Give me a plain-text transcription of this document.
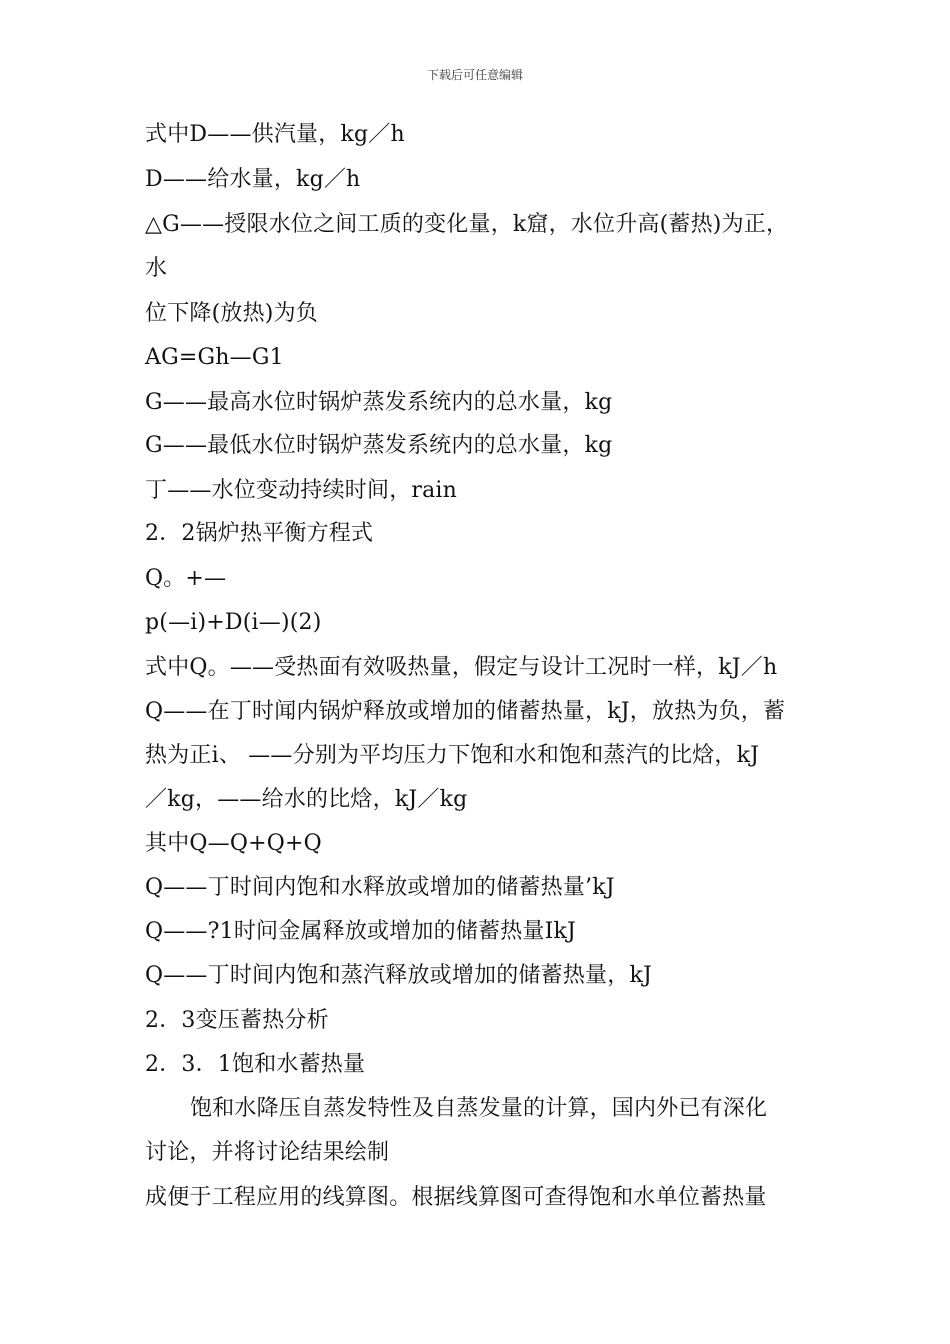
下载后可任意编辑
式中D——供汽量，kg／h
D——给水量，kg／h
△G——授限水位之间工质的变化量，k窟，水位升高(蓄热)为正，
水
位下降(放热)为负
AG=Gh—G1
G——最高水位时锅炉蒸发系统内的总水量，kg
G——最低水位时锅炉蒸发系统内的总水量，kg
丁——水位变动持续时间，rain
2．2锅炉热平衡方程式
Q。+—
p(—i)+D(i—)(2)
式中Q。——受热面有效吸热量，假定与设计工况时一样，kJ／h
Q——在丁时闻内锅炉释放或增加的储蓄热量，kJ，放热为负，蓄
热为正i、 ——分别为平均压力下饱和水和饱和蒸汽的比焓，kJ
／kg，——给水的比焓，kJ／kg
其中Q—Q+Q+Q
Q——丁时间内饱和水释放或增加的储蓄热量’kJ
Q——?1时问金属释放或增加的储蓄热量IkJ
Q——丁时间内饱和蒸汽释放或增加的储蓄热量，kJ
2．3变压蓄热分析
2．3．1饱和水蓄热量
饱和水降压自蒸发特性及自蒸发量的计算，国内外已有深化
讨论，并将讨论结果绘制
成便于工程应用的线算图。根据线算图可查得饱和水单位蓄热量
